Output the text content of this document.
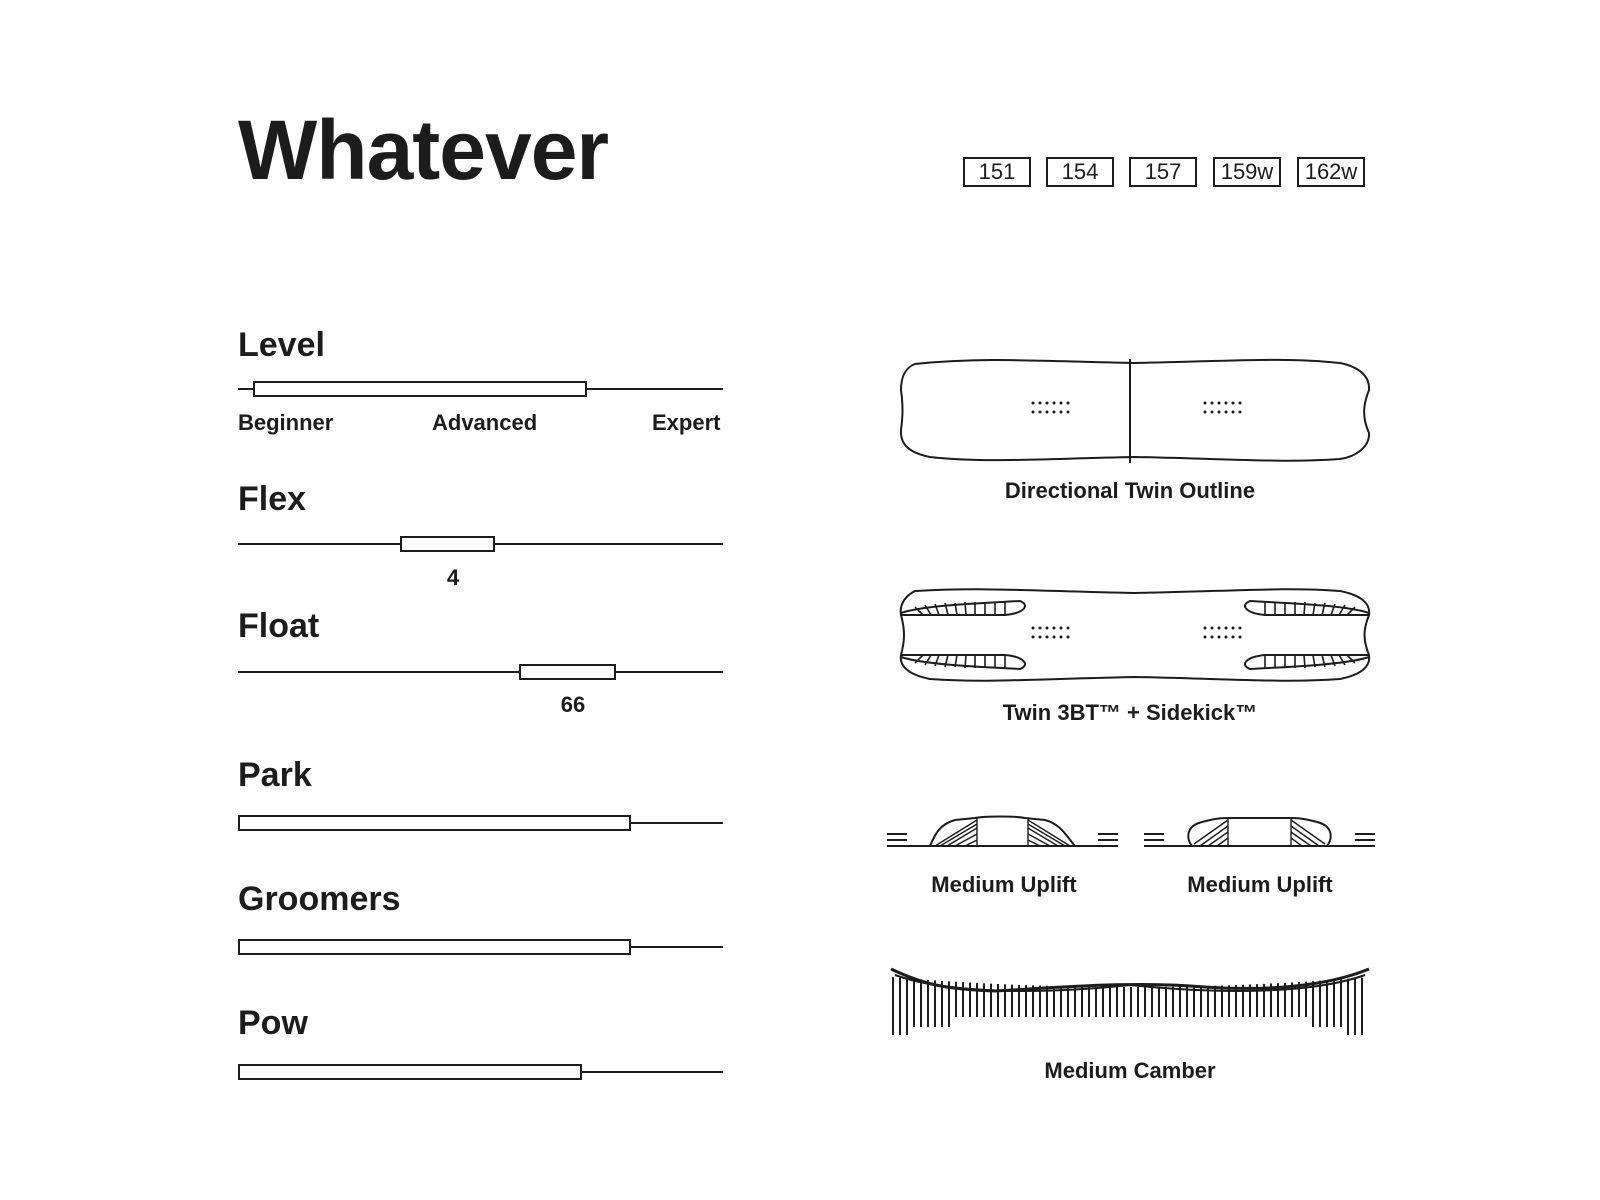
Whatever	151	154	157	159w	162w
Level
Beginner	Advanced	Expert
Flex
4
Float
66
Park
Groomers
Pow
Directional Twin Outline
Twin 3BT™ + Sidekick™
Medium Uplift	Medium Uplift
Medium Camber
